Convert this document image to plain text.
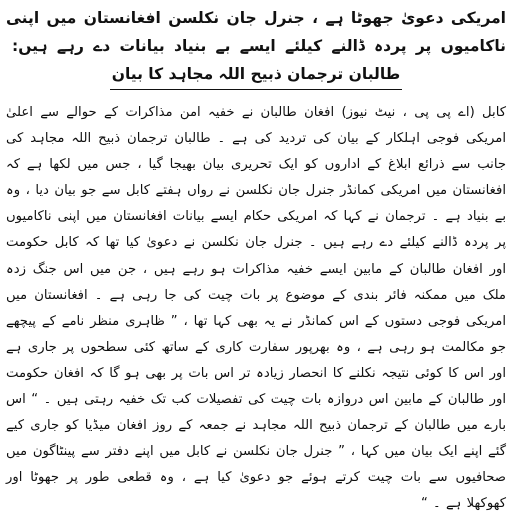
امریکی دعویٰ جھوٹا ہے ، جنرل جان نکلسن افغانستان میں اپنی ناکامیوں پر پردہ ڈالنے کیلئے ایسے بے بنیاد بیانات دے رہے ہیں: طالبان ترجمان ذبیح اللہ مجاہد کا بیان

کابل (اے پی پی ، نیٹ نیوز) افغان طالبان نے خفیہ امن مذاکرات کے حوالے سے اعلیٰ امریکی فوجی اہلکار کے بیان کی تردید کی ہے ۔ طالبان ترجمان ذبیح اللہ مجاہد کی جانب سے ذرائع ابلاغ کے اداروں کو ایک تحریری بیان بھیجا گیا ، جس میں لکھا ہے کہ افغانستان میں امریکی کمانڈر جنرل جان نکلسن نے رواں ہفتے کابل سے جو بیان دیا ، وہ بے بنیاد ہے ۔ ترجمان نے کہا کہ امریکی حکام ایسے بیانات افغانستان میں اپنی ناکامیوں پر پردہ ڈالنے کیلئے دے رہے ہیں ۔ جنرل جان نکلسن نے دعویٰ کیا تھا کہ کابل حکومت اور افغان طالبان کے مابین ایسے خفیہ مذاکرات ہو رہے ہیں ، جن میں اس جنگ زدہ ملک میں ممکنہ فائر بندی کے موضوع پر بات چیت کی جا رہی ہے ۔ افغانستان میں امریکی فوجی دستوں کے اس کمانڈر نے یہ بھی کہا تھا ، ” ظاہری منظر نامے کے پیچھے جو مکالمت ہو رہی ہے ، وہ بھرپور سفارت کاری کے ساتھ کئی سطحوں پر جاری ہے اور اس کا کوئی نتیجہ نکلنے کا انحصار زیادہ تر اس بات پر بھی ہو گا کہ افغان حکومت اور طالبان کے مابین اس دروازہ بات چیت کی تفصیلات کب تک خفیہ رہتی ہیں ۔ “ اس بارے میں طالبان کے ترجمان ذبیح اللہ مجاہد نے جمعہ کے روز افغان میڈیا کو جاری کیے گئے اپنے ایک بیان میں کہا ، ” جنرل جان نکلسن نے کابل میں اپنے دفتر سے پینٹاگون میں صحافیوں سے بات چیت کرتے ہوئے جو دعویٰ کیا ہے ، وہ قطعی طور پر جھوٹا اور کھوکھلا ہے ۔ “
